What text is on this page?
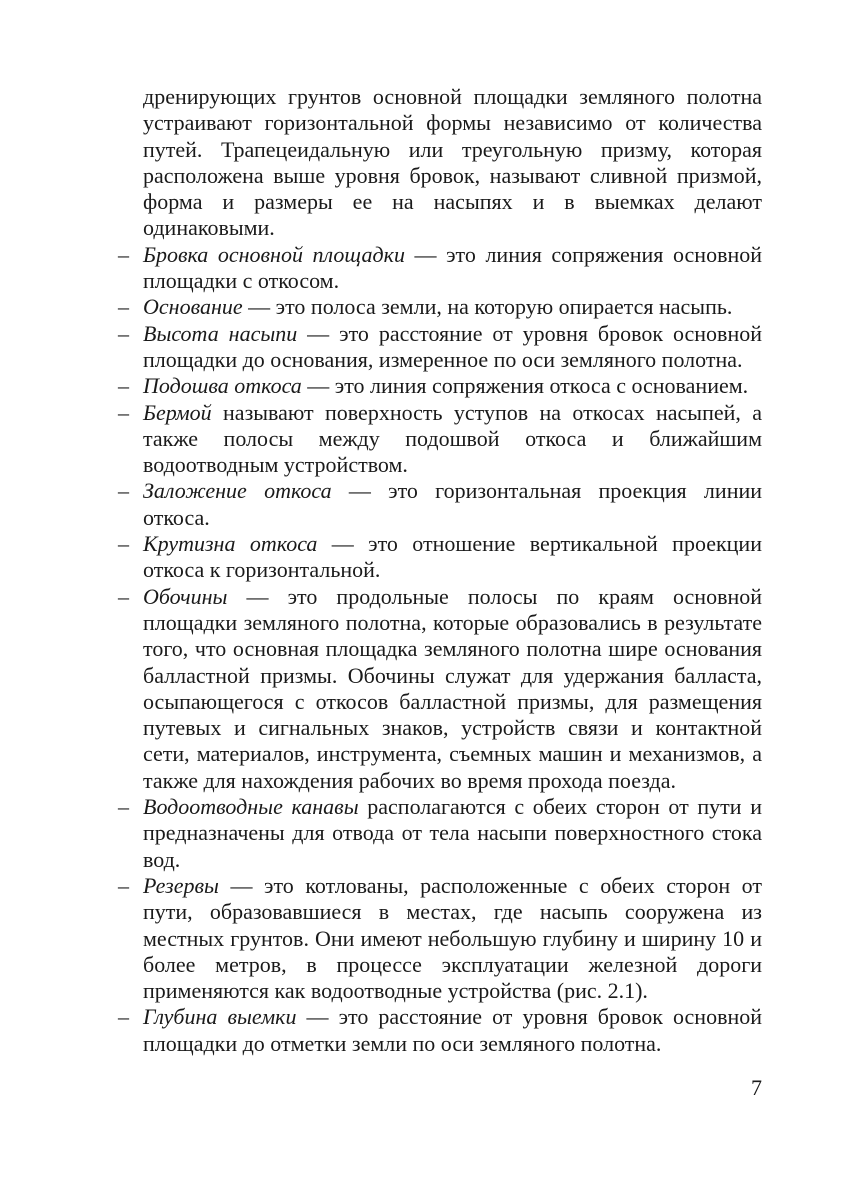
дренирующих грунтов основной площадки земляного полотна устраивают горизонтальной формы независимо от количества путей. Трапецеидальную или треугольную призму, которая расположена выше уровня бровок, называют сливной призмой, форма и размеры ее на насыпях и в выемках делают одинаковыми.

– Бровка основной площадки — это линия сопряжения основной площадки с откосом.

– Основание — это полоса земли, на которую опирается насыпь.

– Высота насыпи — это расстояние от уровня бровок основной площадки до основания, измеренное по оси земляного полотна.

– Подошва откоса — это линия сопряжения откоса с основанием.

– Бермой называют поверхность уступов на откосах насыпей, а также полосы между подошвой откоса и ближайшим водоотводным устройством.

– Заложение откоса — это горизонтальная проекция линии откоса.

– Крутизна откоса — это отношение вертикальной проекции откоса к горизонтальной.

– Обочины — это продольные полосы по краям основной площадки земляного полотна, которые образовались в результате того, что основная площадка земляного полотна шире основания балластной призмы. Обочины служат для удержания балласта, осыпающегося с откосов балластной призмы, для размещения путевых и сигнальных знаков, устройств связи и контактной сети, материалов, инструмента, съемных машин и механизмов, а также для нахождения рабочих во время прохода поезда.

– Водоотводные канавы располагаются с обеих сторон от пути и предназначены для отвода от тела насыпи поверхностного стока вод.

– Резервы — это котлованы, расположенные с обеих сторон от пути, образовавшиеся в местах, где насыпь сооружена из местных грунтов. Они имеют небольшую глубину и ширину 10 и более метров, в процессе эксплуатации железной дороги применяются как водоотводные устройства (рис. 2.1).

– Глубина выемки — это расстояние от уровня бровок основной площадки до отметки земли по оси земляного полотна.

7
